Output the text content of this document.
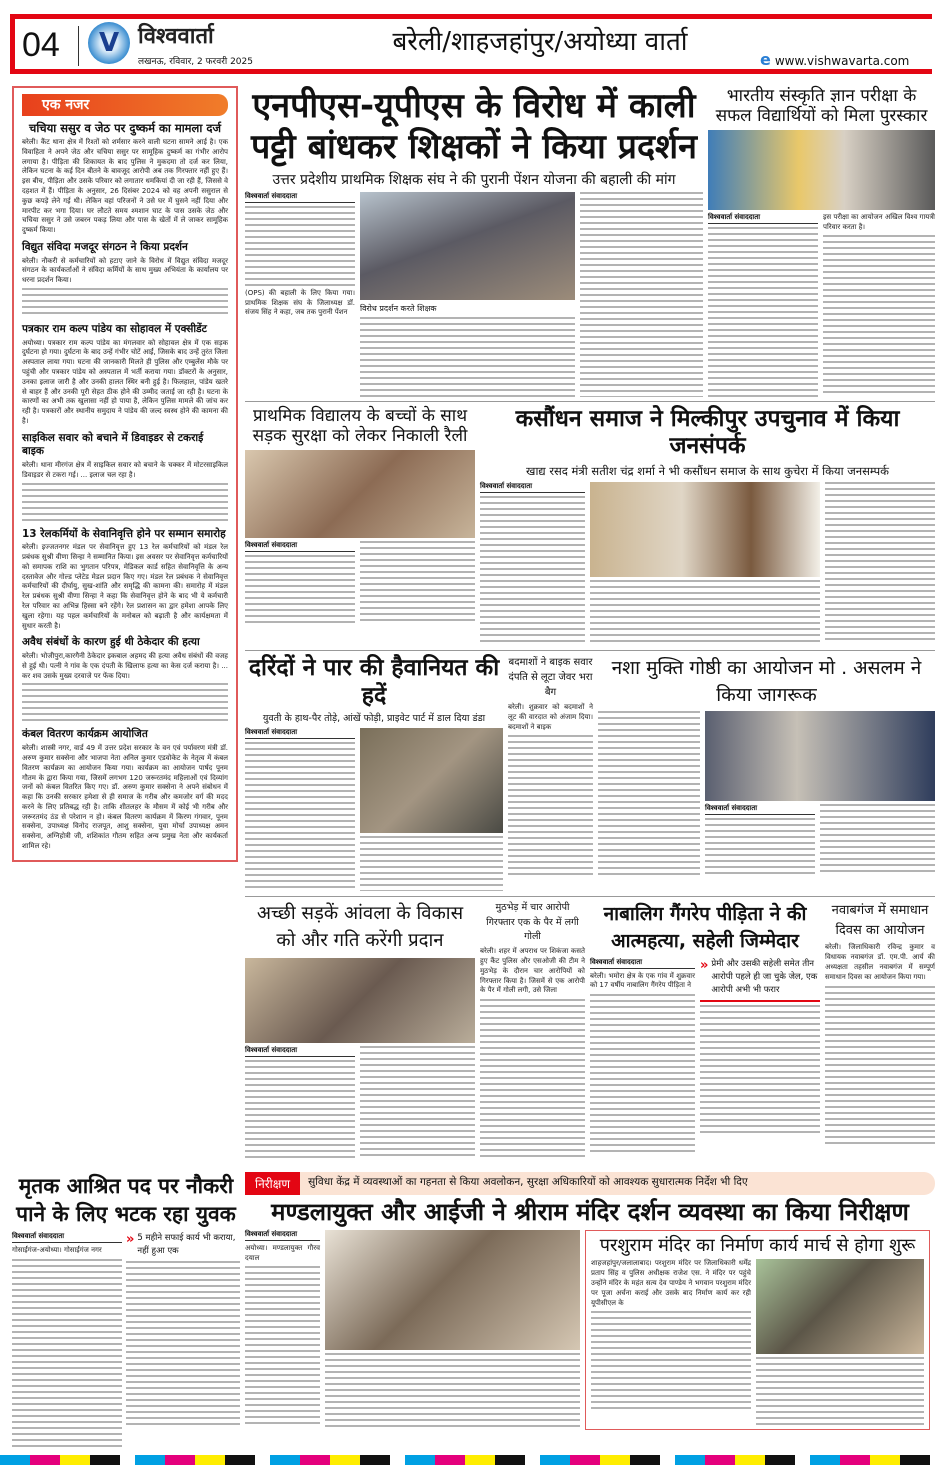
04	V विश्ववार्ता
लखनऊ, रविवार, 2 फरवरी 2025
बरेली/शाहजहांपुर/अयोध्या वार्ता
e www.vishwavarta.com
एक नजर
चचिया ससुर व जेठ पर दुष्कर्म का मामला दर्ज
बरेली। कैंट थाना क्षेत्र में रिश्तों को शर्मसार करने वाली घटना सामने आई है। एक विवाहिता ने अपने जेठ और चचिया ससुर पर सामूहिक दुष्कर्म का गंभीर आरोप लगाया है। पीड़िता की शिकायत के बाद पुलिस ने मुकदमा तो दर्ज कर लिया, लेकिन घटना के कई दिन बीतने के बावजूद आरोपी अब तक गिरफ्तार नहीं हुए हैं। इस बीच, पीड़िता और उसके परिवार को लगातार धमकियां दी जा रही हैं, जिससे वे दहशत में हैं। पीड़िता के अनुसार, 26 दिसंबर 2024 को वह अपनी ससुराल से कुछ कपड़े लेने गई थी। लेकिन वहां परिजनों ने उसे घर में घुसने नहीं दिया और मारपीट कर भगा दिया। घर लौटते समय श्मशान घाट के पास उसके जेठ और चचिया ससुर ने उसे जबरन पकड़ लिया और पास के खेतों में ले जाकर सामूहिक दुष्कर्म किया।
विद्युत संविदा मजदूर संगठन ने किया प्रदर्शन
बरेली। नौकरी से कर्मचारियों को हटाए जाने के विरोध में विद्युत संविदा मजदूर संगठन के कार्यकर्ताओं ने संविदा कर्मियों के साथ मुख्य अभियंता के कार्यालय पर धरना प्रदर्शन किया।
पत्रकार राम कल्प पांडेय का सोहावल में एक्सीडेंट
अयोध्या। पत्रकार राम कल्प पांडेय का मंगलवार को सोहावल क्षेत्र में एक सड़क दुर्घटना हो गया। दुर्घटना के बाद उन्हें गंभीर चोटें आईं, जिसके बाद उन्हें तुरंत जिला अस्पताल लाया गया। घटना की जानकारी मिलते ही पुलिस और एम्बुलेंस मौके पर पहुंची और पत्रकार पांडेय को अस्पताल में भर्ती कराया गया। डॉक्टरों के अनुसार, उनका इलाज जारी है और उनकी हालत स्थिर बनी हुई है। फिलहाल, पांडेय खतरे से बाहर हैं और उनकी पूरी सेहत ठीक होने की उम्मीद जताई जा रही है। घटना के कारणों का अभी तक खुलासा नहीं हो पाया है, लेकिन पुलिस मामले की जांच कर रही है। पत्रकारों और स्थानीय समुदाय ने पांडेय की जल्द स्वस्थ होने की कामना की है।
साइकिल सवार को बचाने में डिवाइडर से टकराई बाइक
बरेली। थाना मीरगंज क्षेत्र में साइकिल सवार को बचाने के चक्कर में मोटरसाइकिल डिवाइडर से टकरा गई। ... इलाज चल रहा है।
13 रेलकर्मियों के सेवानिवृत्ति होने पर सम्मान समारोह
बरेली। इज्जतनगर मंडल पर सेवानिवृत्त हुए 13 रेल कर्मचारियों को मंडल रेल प्रबंधक सुश्री वीणा सिन्हा ने सम्मानित किया। इस अवसर पर सेवानिवृत्त कर्मचारियों को समापक राशि का भुगतान परिपत्र, मेडिकल कार्ड सहित सेवानिवृत्ति के अन्य दस्तावेज और गोल्ड प्लेटेड मेडल प्रदान किए गए। मंडल रेल प्रबंधक ने सेवानिवृत्त कर्मचारियों की दीर्घायु, सुख-शांति और समृद्धि की कामना की। समारोह में मंडल रेल प्रबंधक सुश्री वीणा सिन्हा ने कहा कि सेवानिवृत्त होने के बाद भी ये कर्मचारी रेल परिवार का अभिन्न हिस्सा बने रहेंगे। रेल प्रशासन का द्वार हमेशा आपके लिए खुला रहेगा। यह पहल कर्मचारियों के मनोबल को बढ़ाती है और कार्यक्षमता में सुधार करती है।
अवैध संबंधों के कारण हुई थी ठेकेदार की हत्या
बरेली। भोजीपुरा,कारगैनी ठेकेदार इकबाल अहमद की हत्या अवैध संबंधों की वजह से हुई थी। पत्नी ने गांव के एक दंपती के खिलाफ हत्या का केस दर्ज कराया है। ... कर शव उसके मुख्य दरवाजे पर फेंक दिया।
कंबल वितरण कार्यक्रम आयोजित
बरेली। शास्त्री नगर, वार्ड 49 में उत्तर प्रदेश सरकार के वन एवं पर्यावरण मंत्री डॉ. अरुण कुमार सक्सेना और भाजपा नेता अनिल कुमार एडवोकेट के नेतृत्व में कंबल वितरण कार्यक्रम का आयोजन किया गया। कार्यक्रम का आयोजन पार्षद पूनम गौतम के द्वारा किया गया, जिसमें लगभग 120 जरूरतमंद महिलाओं एवं दिव्यांग जनों को कंबल वितरित किए गए। डॉ. अरुण कुमार सक्सेना ने अपने संबोधन में कहा कि उनकी सरकार हमेशा से ही समाज के गरीब और कमजोर वर्ग की मदद करने के लिए प्रतिबद्ध रही है। ताकि शीतलहर के मौसम में कोई भी गरीब और जरूरतमंद ठंड से परेशान न हो। कंबल वितरण कार्यक्रम में किरण गंगवार, पूनम सक्सेना, उपाध्यक्ष विनोद राजपूत, आशु सक्सेना, युवा मोर्चा उपाध्यक्ष अमन सक्सेना, अग्निहोत्री जी, शशिकांत गौतम सहित अन्य प्रमुख नेता और कार्यकर्ता शामिल रहे।
एनपीएस-यूपीएस के विरोध में काली पट्टी बांधकर शिक्षकों ने किया प्रदर्शन
उत्तर प्रदेशीय प्राथमिक शिक्षक संघ ने की पुरानी पेंशन योजना की बहाली की मांग
विश्ववार्ता संवाददाता
(OPS) की बहाली के लिए किया गया। प्राथमिक शिक्षक संघ के जिलाध्यक्ष डॉ. संजय सिंह ने कहा, जब तक पुरानी पेंशन	विरोध प्रदर्शन करते शिक्षक
भारतीय संस्कृति ज्ञान परीक्षा के सफल विद्यार्थियों को मिला पुरस्कार
विश्ववार्ता संवाददाता	इस परीक्षा का आयोजन अखिल विश्व गायत्री परिवार करता है।
प्राथमिक विद्यालय के बच्चों के साथ सड़क सुरक्षा को लेकर निकाली रैली
विश्ववार्ता संवाददाता
कसौंधन समाज ने मिल्कीपुर उपचुनाव में किया जनसंपर्क
खाद्य रसद मंत्री सतीश चंद्र शर्मा ने भी कसौंधन समाज के साथ कुचेरा में किया जनसम्पर्क
विश्ववार्ता संवाददाता
दरिंदों ने पार की हैवानियत की हदें
युवती के हाथ-पैर तोड़े, आंखें फोड़ी, प्राइवेट पार्ट में डाल दिया डंडा
विश्ववार्ता संवाददाता
बदमाशों ने बाइक सवार दंपति से लूटा जेवर भरा बैग
बरेली। शुक्रवार को बदमाशों ने लूट की वारदात को अंजाम दिया। बदमाशों ने बाइक
नशा मुक्ति गोष्ठी का आयोजन मो . असलम ने किया जागरूक
विश्ववार्ता संवाददाता
अच्छी सड़कें आंवला के विकास को और गति करेंगी प्रदान
विश्ववार्ता संवाददाता
मुठभेड़ में चार आरोपी गिरफ्तार एक के पैर में लगी गोली
बरेली। शहर में अपराध पर शिकंजा कसते हुए कैंट पुलिस और एसओजी की टीम ने मुठभेड़ के दौरान चार आरोपियों को गिरफ्तार किया है। जिसमें से एक आरोपी के पैर में गोली लगी, उसे जिला
नाबालिग गैंगरेप पीड़िता ने की आत्महत्या, सहेली जिम्मेदार
विश्ववार्ता संवाददाता
बरेली। भमोरा क्षेत्र के एक गांव में शुक्रवार को 17 वर्षीय नाबालिग गैंगरेप पीड़िता ने
» प्रेमी और उसकी सहेली समेत तीन आरोपी पहले ही जा चुके जेल, एक आरोपी अभी भी फरार
नवाबगंज में समाधान दिवस का आयोजन
बरेली। जिलाधिकारी रविन्द्र कुमार व विधायक नवाबगंज डॉ. एम.पी. आर्य की अध्यक्षता तहसील नवाबगंज में सम्पूर्ण समाधान दिवस का आयोजन किया गया।
मृतक आश्रित पद पर नौकरी पाने के लिए भटक रहा युवक
विश्ववार्ता संवाददाता
गोसाईंगंज-अयोध्या। गोसाईंगंज नगर
» 5 महीने सफाई कार्य भी कराया, नहीं हुआ एक
निरीक्षण	सुविधा केंद्र में व्यवस्थाओं का गहनता से किया अवलोकन, सुरक्षा अधिकारियों को आवश्यक सुधारात्मक निर्देश भी दिए
मण्डलायुक्त और आईजी ने श्रीराम मंदिर दर्शन व्यवस्था का किया निरीक्षण
विश्ववार्ता संवाददाता
अयोध्या। मण्डलायुक्त गौरव दयाल
परशुराम मंदिर का निर्माण कार्य मार्च से होगा शुरू
शाहजहांपुर/जलालाबाद। परशुराम मंदिर पर जिलाधिकारी धर्मेंद्र प्रताप सिंह व पुलिस अधीक्षक राजेश एस. ने मंदिर पर पहुंचे उन्होंने मंदिर के महंत सत्य देव पाण्डेय ने भगवान परशुराम मंदिर पर पूजा अर्चना कराई और उसके बाद निर्माण कार्य कर रही यूपीसीएल के
